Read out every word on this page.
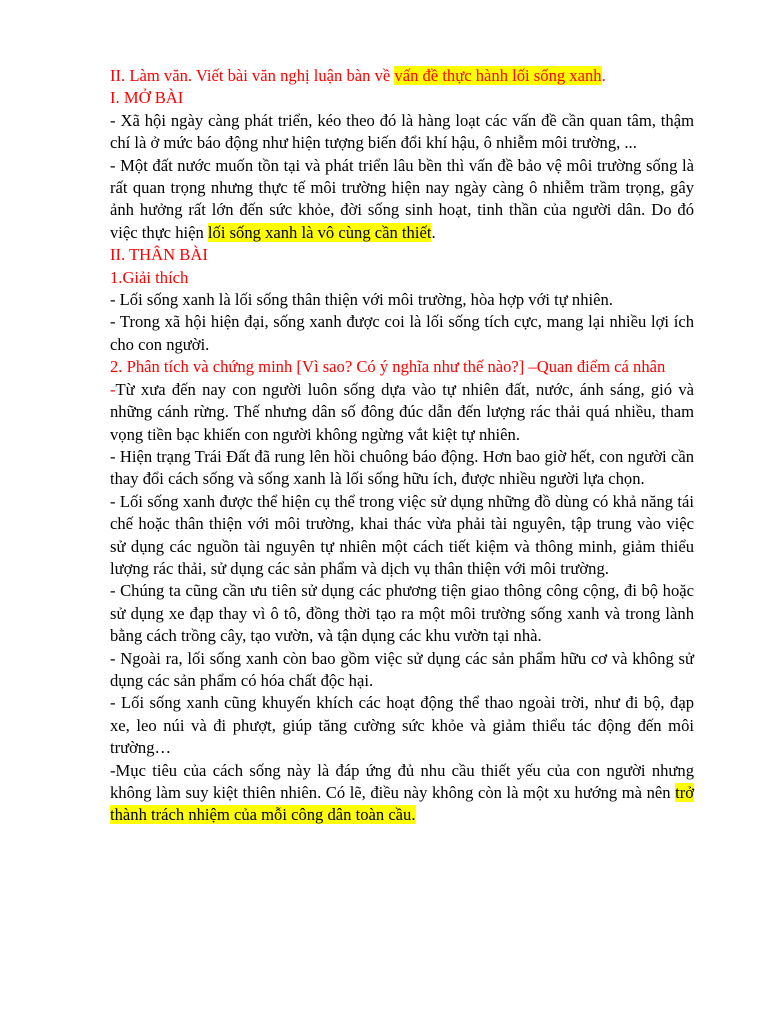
II. Làm văn. Viết bài văn nghị luận bàn về vấn đề thực hành lối sống xanh.
I. MỞ BÀI
- Xã hội ngày càng phát triển, kéo theo đó là hàng loạt các vấn đề cần quan tâm, thậm chí là ở mức báo động như hiện tượng biến đổi khí hậu, ô nhiễm môi trường, ...
- Một đất nước muốn tồn tại và phát triển lâu bền thì vấn đề bảo vệ môi trường sống là rất quan trọng nhưng thực tế môi trường hiện nay ngày càng ô nhiễm trầm trọng, gây ảnh hưởng rất lớn đến sức khỏe, đời sống sinh hoạt, tinh thần của người dân. Do đó việc thực hiện lối sống xanh là vô cùng cần thiết.
II. THÂN BÀI
1.Giải thích
- Lối sống xanh là lối sống thân thiện với môi trường, hòa hợp với tự nhiên.
- Trong xã hội hiện đại, sống xanh được coi là lối sống tích cực, mang lại nhiều lợi ích cho con người.
2. Phân tích và chứng minh [Vì sao? Có ý nghĩa như thế nào?] –Quan điểm cá nhân
-Từ xưa đến nay con người luôn sống dựa vào tự nhiên đất, nước, ánh sáng, gió và những cánh rừng. Thế nhưng dân số đông đúc dẫn đến lượng rác thải quá nhiều, tham vọng tiền bạc khiến con người không ngừng vắt kiệt tự nhiên.
- Hiện trạng Trái Đất đã rung lên hồi chuông báo động. Hơn bao giờ hết, con người cần thay đổi cách sống và sống xanh là lối sống hữu ích, được nhiều người lựa chọn.
- Lối sống xanh được thể hiện cụ thể trong việc sử dụng những đồ dùng có khả năng tái chế hoặc thân thiện với môi trường, khai thác vừa phải tài nguyên, tập trung vào việc sử dụng các nguồn tài nguyên tự nhiên một cách tiết kiệm và thông minh, giảm thiểu lượng rác thải, sử dụng các sản phẩm và dịch vụ thân thiện với môi trường.
- Chúng ta cũng cần ưu tiên sử dụng các phương tiện giao thông công cộng, đi bộ hoặc sử dụng xe đạp thay vì ô tô, đồng thời tạo ra một môi trường sống xanh và trong lành bằng cách trồng cây, tạo vườn, và tận dụng các khu vườn tại nhà.
- Ngoài ra, lối sống xanh còn bao gồm việc sử dụng các sản phẩm hữu cơ và không sử dụng các sản phẩm có hóa chất độc hại.
- Lối sống xanh cũng khuyến khích các hoạt động thể thao ngoài trời, như đi bộ, đạp xe, leo núi và đi phượt, giúp tăng cường sức khỏe và giảm thiểu tác động đến môi trường…
-Mục tiêu của cách sống này là đáp ứng đủ nhu cầu thiết yếu của con người nhưng không làm suy kiệt thiên nhiên. Có lẽ, điều này không còn là một xu hướng mà nên trở thành trách nhiệm của mỗi công dân toàn cầu.
